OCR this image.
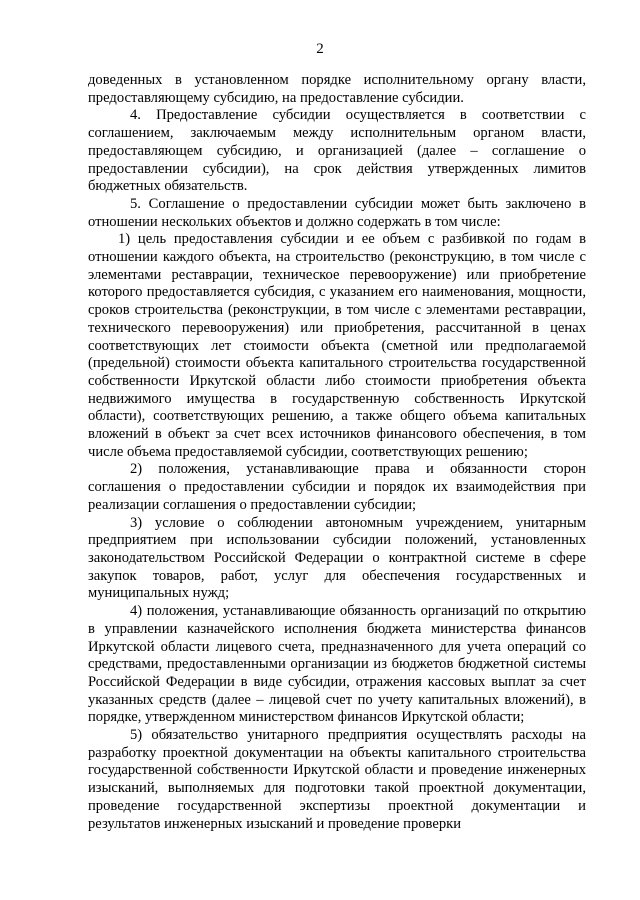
2

доведенных в установленном порядке исполнительному органу власти, предоставляющему субсидию, на предоставление субсидии.

4. Предоставление субсидии осуществляется в соответствии с соглашением, заключаемым между исполнительным органом власти, предоставляющем субсидию, и организацией (далее – соглашение о предоставлении субсидии), на срок действия утвержденных лимитов бюджетных обязательств.

5. Соглашение о предоставлении субсидии может быть заключено в отношении нескольких объектов и должно содержать в том числе:

1) цель предоставления субсидии и ее объем с разбивкой по годам в отношении каждого объекта, на строительство (реконструкцию, в том числе с элементами реставрации, техническое перевооружение) или приобретение которого предоставляется субсидия, с указанием его наименования, мощности, сроков строительства (реконструкции, в том числе с элементами реставрации, технического перевооружения) или приобретения, рассчитанной в ценах соответствующих лет стоимости объекта (сметной или предполагаемой (предельной) стоимости объекта капитального строительства государственной собственности Иркутской области либо стоимости приобретения объекта недвижимого имущества в государственную собственность Иркутской области), соответствующих решению, а также общего объема капитальных вложений в объект за счет всех источников финансового обеспечения, в том числе объема предоставляемой субсидии, соответствующих решению;

2) положения, устанавливающие права и обязанности сторон соглашения о предоставлении субсидии и порядок их взаимодействия при реализации соглашения о предоставлении субсидии;

3) условие о соблюдении автономным учреждением, унитарным предприятием при использовании субсидии положений, установленных законодательством Российской Федерации о контрактной системе в сфере закупок товаров, работ, услуг для обеспечения государственных и муниципальных нужд;

4) положения, устанавливающие обязанность организаций по открытию в управлении казначейского исполнения бюджета министерства финансов Иркутской области лицевого счета, предназначенного для учета операций со средствами, предоставленными организации из бюджетов бюджетной системы Российской Федерации в виде субсидии, отражения кассовых выплат за счет указанных средств (далее – лицевой счет по учету капитальных вложений), в порядке, утвержденном министерством финансов Иркутской области;

5) обязательство унитарного предприятия осуществлять расходы на разработку проектной документации на объекты капитального строительства государственной собственности Иркутской области и проведение инженерных изысканий, выполняемых для подготовки такой проектной документации, проведение государственной экспертизы проектной документации и результатов инженерных изысканий и проведение проверки
